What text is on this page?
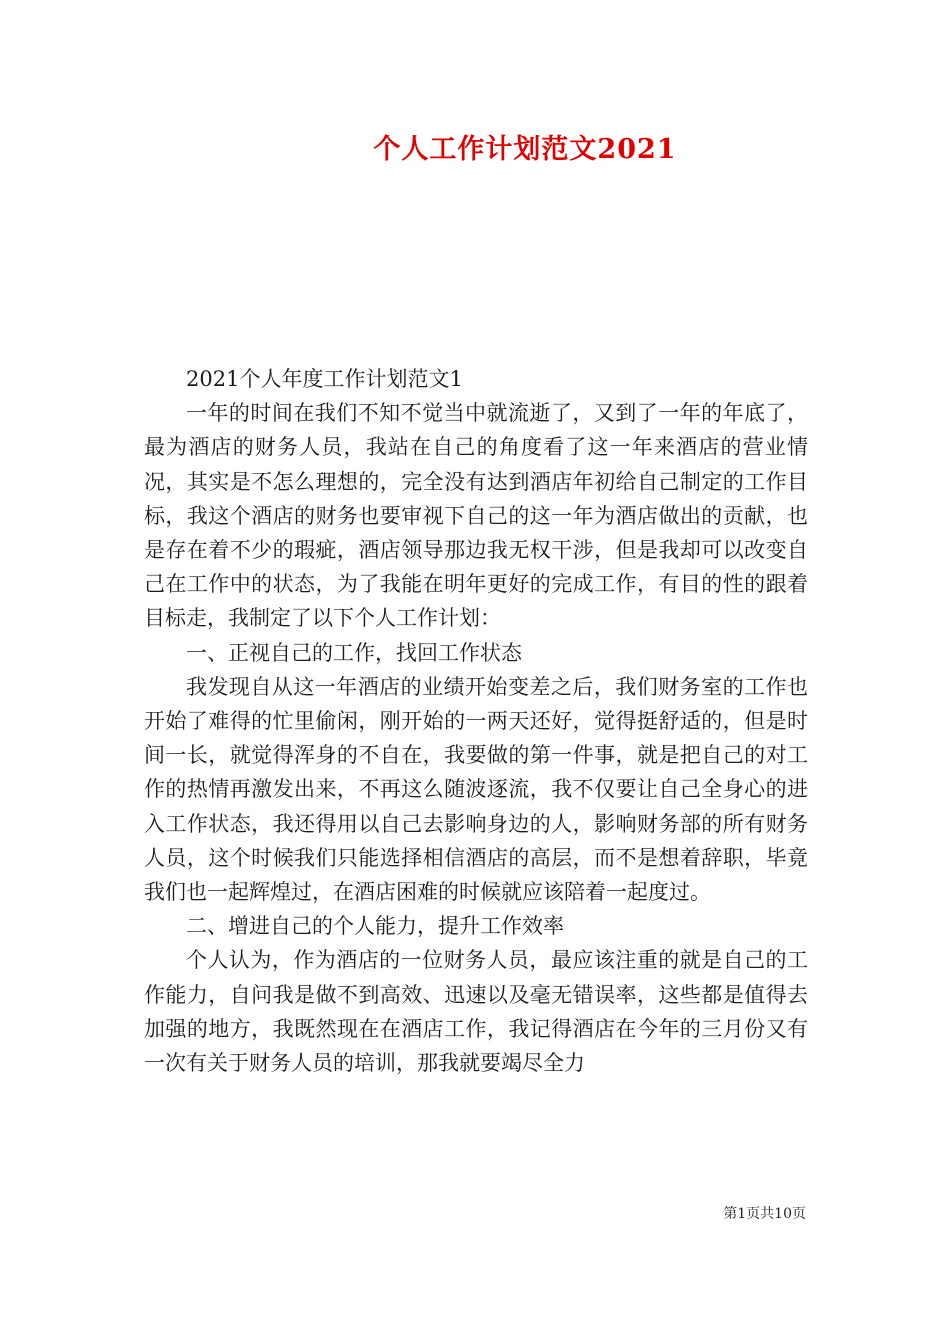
个人工作计划范文2021

2021个人年度工作计划范文1

一年的时间在我们不知不觉当中就流逝了，又到了一年的年底了，最为酒店的财务人员，我站在自己的角度看了这一年来酒店的营业情况，其实是不怎么理想的，完全没有达到酒店年初给自己制定的工作目标，我这个酒店的财务也要审视下自己的这一年为酒店做出的贡献，也是存在着不少的瑕疵，酒店领导那边我无权干涉，但是我却可以改变自己在工作中的状态，为了我能在明年更好的完成工作，有目的性的跟着目标走，我制定了以下个人工作计划：

一、正视自己的工作，找回工作状态

我发现自从这一年酒店的业绩开始变差之后，我们财务室的工作也开始了难得的忙里偷闲，刚开始的一两天还好，觉得挺舒适的，但是时间一长，就觉得浑身的不自在，我要做的第一件事，就是把自己的对工作的热情再激发出来，不再这么随波逐流，我不仅要让自己全身心的进入工作状态，我还得用以自己去影响身边的人，影响财务部的所有财务人员，这个时候我们只能选择相信酒店的高层，而不是想着辞职，毕竟我们也一起辉煌过，在酒店困难的时候就应该陪着一起度过。

二、增进自己的个人能力，提升工作效率

个人认为，作为酒店的一位财务人员，最应该注重的就是自己的工作能力，自问我是做不到高效、迅速以及毫无错误率，这些都是值得去加强的地方，我既然现在在酒店工作，我记得酒店在今年的三月份又有一次有关于财务人员的培训，那我就要竭尽全力

第1页共10页
